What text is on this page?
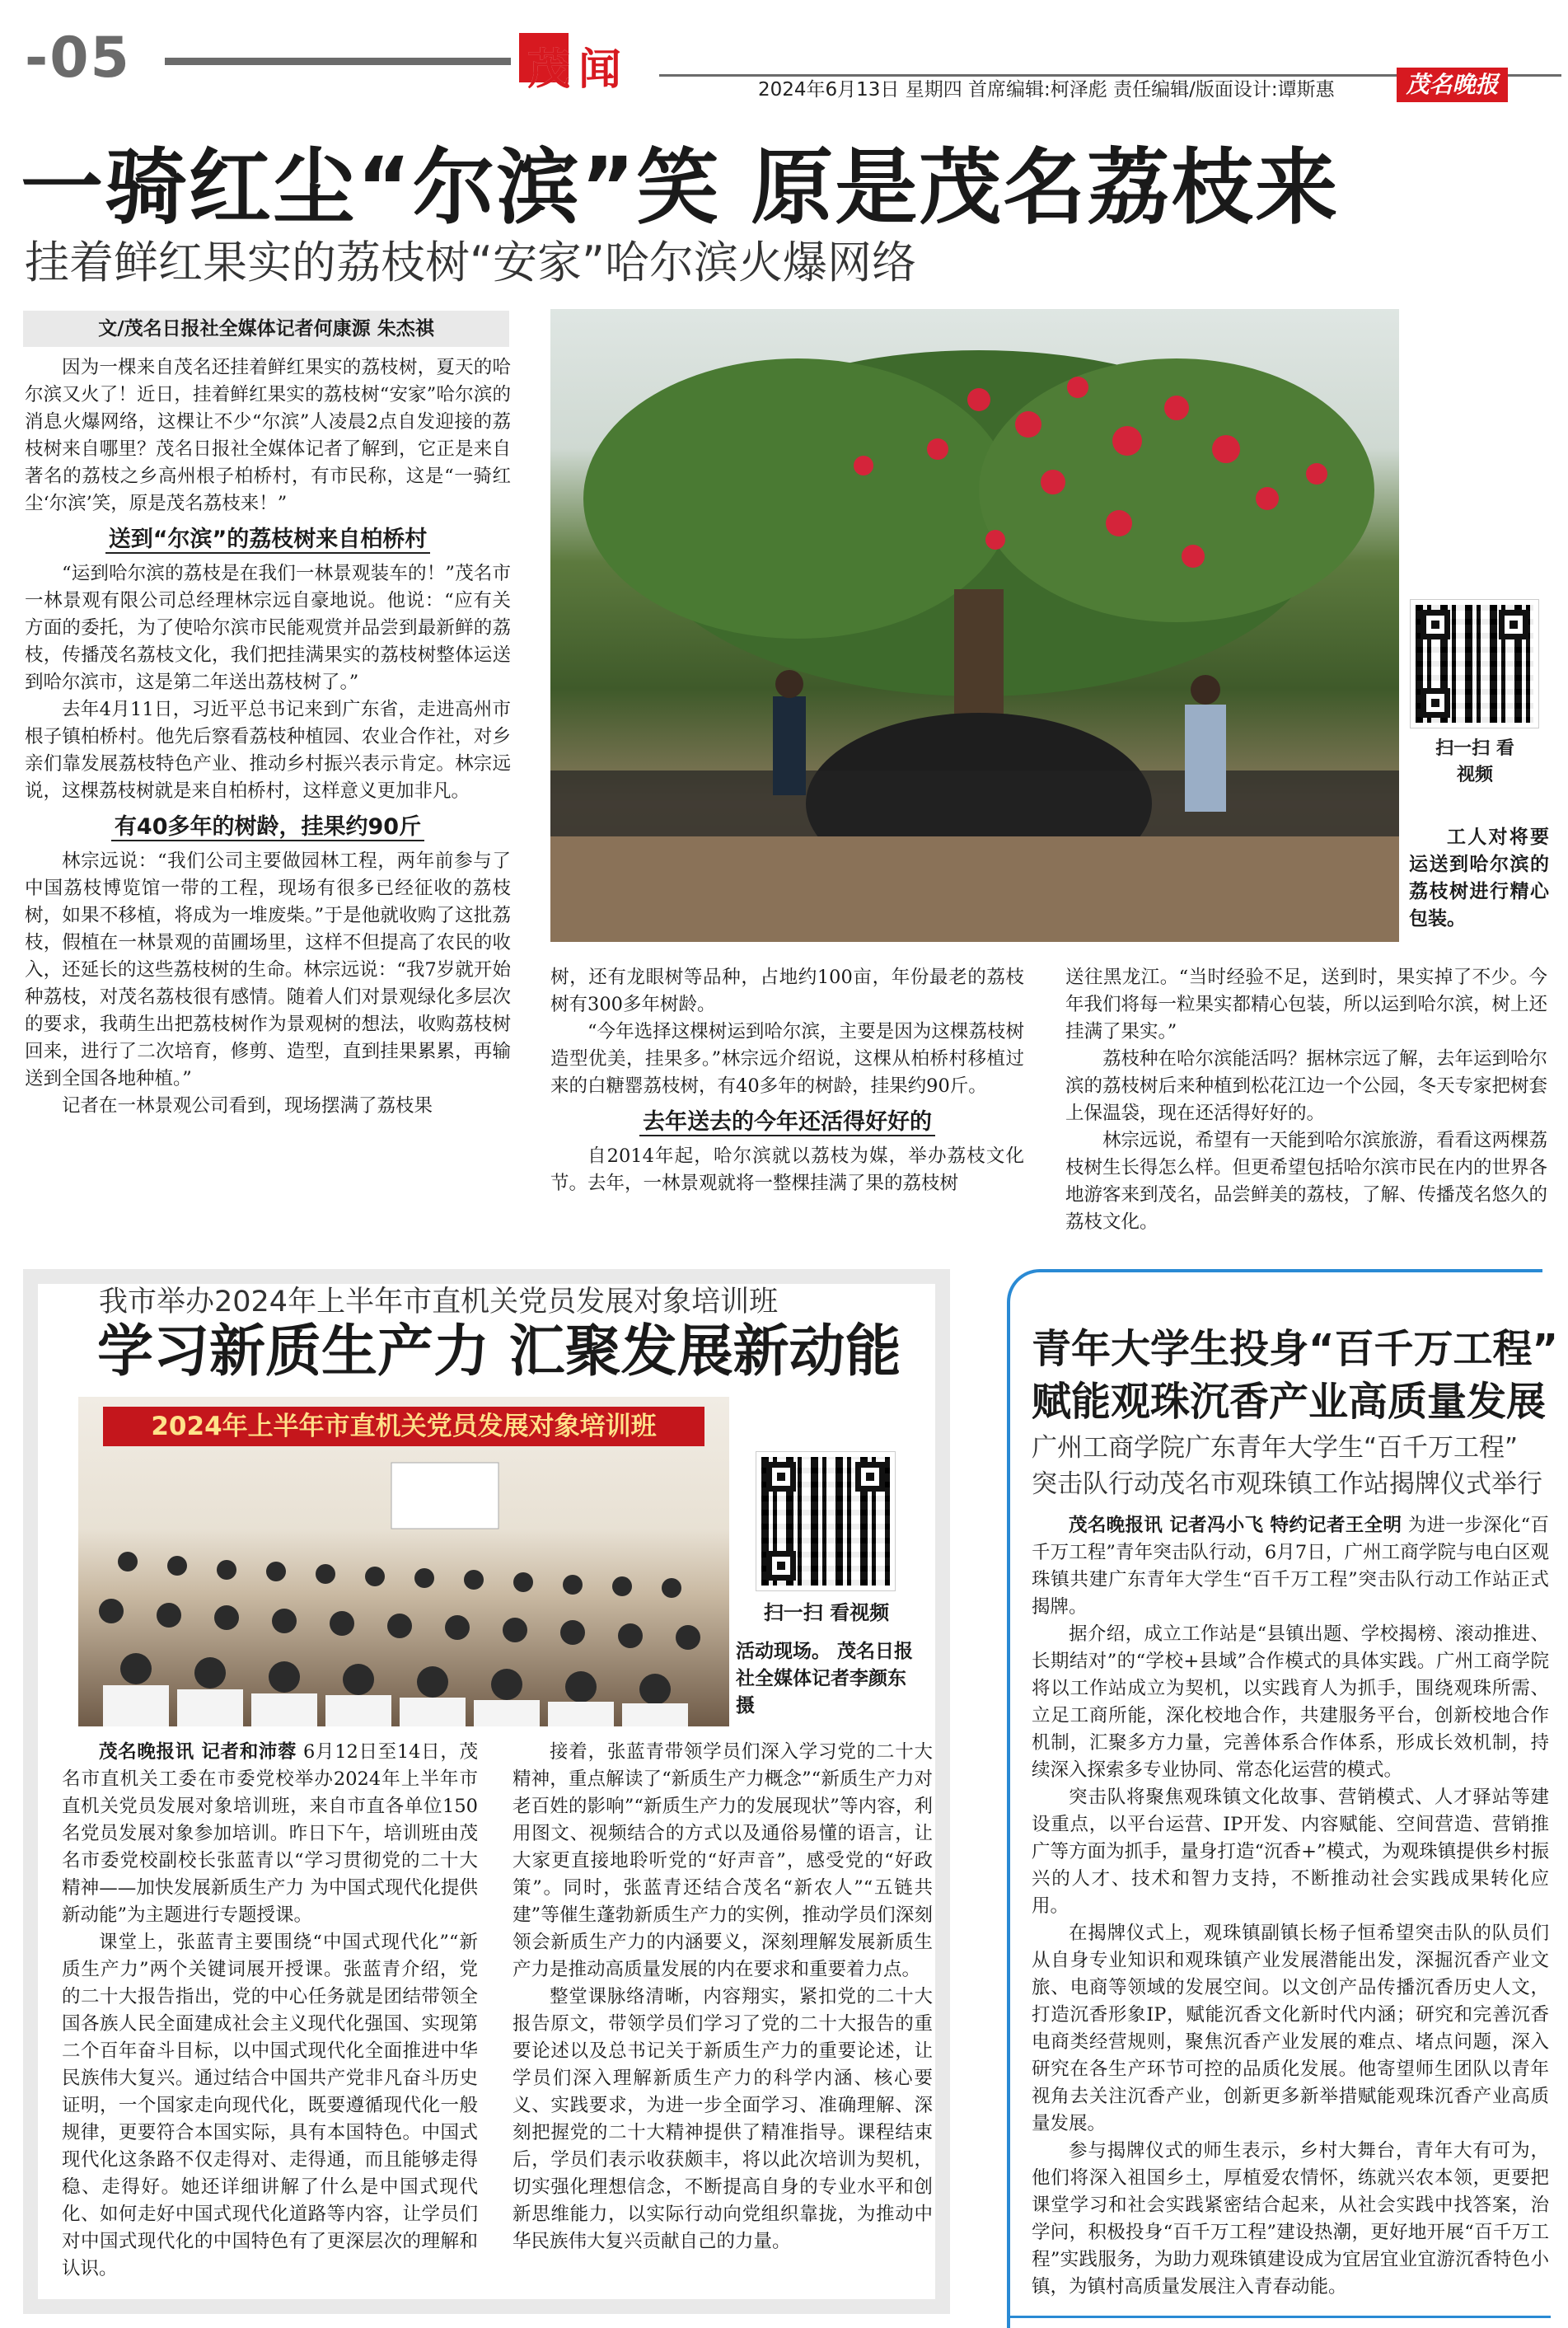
-05	茂闻	2024年6月13日 星期四 首席编辑:柯泽彪 责任编辑/版面设计:谭斯惠	茂名晚报
一骑红尘“尔滨”笑 原是茂名荔枝来
挂着鲜红果实的荔枝树“安家”哈尔滨火爆网络
文/茂名日报社全媒体记者何康源 朱杰祺

因为一棵来自茂名还挂着鲜红果实的荔枝树，夏天的哈尔滨又火了！近日，挂着鲜红果实的荔枝树“安家”哈尔滨的消息火爆网络，这棵让不少“尔滨”人凌晨2点自发迎接的荔枝树来自哪里？茂名日报社全媒体记者了解到，它正是来自著名的荔枝之乡高州根子柏桥村，有市民称，这是“一骑红尘‘尔滨’笑，原是茂名荔枝来！”

送到“尔滨”的荔枝树来自柏桥村

“运到哈尔滨的荔枝是在我们一林景观装车的！”茂名市一林景观有限公司总经理林宗远自豪地说。他说：“应有关方面的委托，为了使哈尔滨市民能观赏并品尝到最新鲜的荔枝，传播茂名荔枝文化，我们把挂满果实的荔枝树整体运送到哈尔滨市，这是第二年送出荔枝树了。”

去年4月11日，习近平总书记来到广东省，走进高州市根子镇柏桥村。他先后察看荔枝种植园、农业合作社，对乡亲们靠发展荔枝特色产业、推动乡村振兴表示肯定。林宗远说，这棵荔枝树就是来自柏桥村，这样意义更加非凡。

有40多年的树龄，挂果约90斤

林宗远说：“我们公司主要做园林工程，两年前参与了中国荔枝博览馆一带的工程，现场有很多已经征收的荔枝树，如果不移植，将成为一堆废柴。”于是他就收购了这批荔枝，假植在一林景观的苗圃场里，这样不但提高了农民的收入，还延长的这些荔枝树的生命。林宗远说：“我7岁就开始种荔枝，对茂名荔枝很有感情。随着人们对景观绿化多层次的要求，我萌生出把荔枝树作为景观树的想法，收购荔枝树回来，进行了二次培育，修剪、造型，直到挂果累累，再输送到全国各地种植。”

记者在一林景观公司看到，现场摆满了荔枝果

扫一扫 看视频
工人对将要运送到哈尔滨的荔枝树进行精心包装。

树，还有龙眼树等品种，占地约100亩，年份最老的荔枝树有300多年树龄。

“今年选择这棵树运到哈尔滨，主要是因为这棵荔枝树造型优美，挂果多。”林宗远介绍说，这棵从柏桥村移植过来的白糖罂荔枝树，有40多年的树龄，挂果约90斤。

去年送去的今年还活得好好的

自2014年起，哈尔滨就以荔枝为媒，举办荔枝文化节。去年，一林景观就将一整棵挂满了果的荔枝树

送往黑龙江。“当时经验不足，送到时，果实掉了不少。今年我们将每一粒果实都精心包装，所以运到哈尔滨，树上还挂满了果实。”

荔枝种在哈尔滨能活吗？据林宗远了解，去年运到哈尔滨的荔枝树后来种植到松花江边一个公园，冬天专家把树套上保温袋，现在还活得好好的。

林宗远说，希望有一天能到哈尔滨旅游，看看这两棵荔枝树生长得怎么样。但更希望包括哈尔滨市民在内的世界各地游客来到茂名，品尝鲜美的荔枝，了解、传播茂名悠久的荔枝文化。

我市举办2024年上半年市直机关党员发展对象培训班
学习新质生产力 汇聚发展新动能
2024年上半年市直机关党员发展对象培训班
扫一扫 看视频
活动现场。 茂名日报社全媒体记者李颜东 摄

茂名晚报讯 记者和沛蓉 6月12日至14日，茂名市直机关工委在市委党校举办2024年上半年市直机关党员发展对象培训班，来自市直各单位150名党员发展对象参加培训。昨日下午，培训班由茂名市委党校副校长张蓝青以“学习贯彻党的二十大精神——加快发展新质生产力 为中国式现代化提供新动能”为主题进行专题授课。

课堂上，张蓝青主要围绕“中国式现代化”“新质生产力”两个关键词展开授课。张蓝青介绍，党的二十大报告指出，党的中心任务就是团结带领全国各族人民全面建成社会主义现代化强国、实现第二个百年奋斗目标，以中国式现代化全面推进中华民族伟大复兴。通过结合中国共产党非凡奋斗历史证明，一个国家走向现代化，既要遵循现代化一般规律，更要符合本国实际，具有本国特色。中国式现代化这条路不仅走得对、走得通，而且能够走得稳、走得好。她还详细讲解了什么是中国式现代化、如何走好中国式现代化道路等内容，让学员们对中国式现代化的中国特色有了更深层次的理解和认识。

接着，张蓝青带领学员们深入学习党的二十大精神，重点解读了“新质生产力概念”“新质生产力对老百姓的影响”“新质生产力的发展现状”等内容，利用图文、视频结合的方式以及通俗易懂的语言，让大家更直接地聆听党的“好声音”，感受党的“好政策”。同时，张蓝青还结合茂名“新农人”“五链共建”等催生蓬勃新质生产力的实例，推动学员们深刻领会新质生产力的内涵要义，深刻理解发展新质生产力是推动高质量发展的内在要求和重要着力点。

整堂课脉络清晰，内容翔实，紧扣党的二十大报告原文，带领学员们学习了党的二十大报告的重要论述以及总书记关于新质生产力的重要论述，让学员们深入理解新质生产力的科学内涵、核心要义、实践要求，为进一步全面学习、准确理解、深刻把握党的二十大精神提供了精准指导。课程结束后，学员们表示收获颇丰，将以此次培训为契机，切实强化理想信念，不断提高自身的专业水平和创新思维能力，以实际行动向党组织靠拢，为推动中华民族伟大复兴贡献自己的力量。

青年大学生投身“百千万工程”
赋能观珠沉香产业高质量发展
广州工商学院广东青年大学生“百千万工程”
突击队行动茂名市观珠镇工作站揭牌仪式举行

茂名晚报讯 记者冯小飞 特约记者王全明 为进一步深化“百千万工程”青年突击队行动，6月7日，广州工商学院与电白区观珠镇共建广东青年大学生“百千万工程”突击队行动工作站正式揭牌。

据介绍，成立工作站是“县镇出题、学校揭榜、滚动推进、长期结对”的“学校+县域”合作模式的具体实践。广州工商学院将以工作站成立为契机，以实践育人为抓手，围绕观珠所需、立足工商所能，深化校地合作，共建服务平台，创新校地合作机制，汇聚多方力量，完善体系合作体系，形成长效机制，持续深入探索多专业协同、常态化运营的模式。

突击队将聚焦观珠镇文化故事、营销模式、人才驿站等建设重点，以平台运营、IP开发、内容赋能、空间营造、营销推广等方面为抓手，量身打造“沉香+”模式，为观珠镇提供乡村振兴的人才、技术和智力支持，不断推动社会实践成果转化应用。

在揭牌仪式上，观珠镇副镇长杨子恒希望突击队的队员们从自身专业知识和观珠镇产业发展潜能出发，深掘沉香产业文旅、电商等领域的发展空间。以文创产品传播沉香历史人文，打造沉香形象IP，赋能沉香文化新时代内涵；研究和完善沉香电商类经营规则，聚焦沉香产业发展的难点、堵点问题，深入研究在各生产环节可控的品质化发展。他寄望师生团队以青年视角去关注沉香产业，创新更多新举措赋能观珠沉香产业高质量发展。

参与揭牌仪式的师生表示，乡村大舞台，青年大有可为，他们将深入祖国乡土，厚植爱农情怀，练就兴农本领，更要把课堂学习和社会实践紧密结合起来，从社会实践中找答案，治学问，积极投身“百千万工程”建设热潮，更好地开展“百千万工程”实践服务，为助力观珠镇建设成为宜居宜业宜游沉香特色小镇，为镇村高质量发展注入青春动能。
